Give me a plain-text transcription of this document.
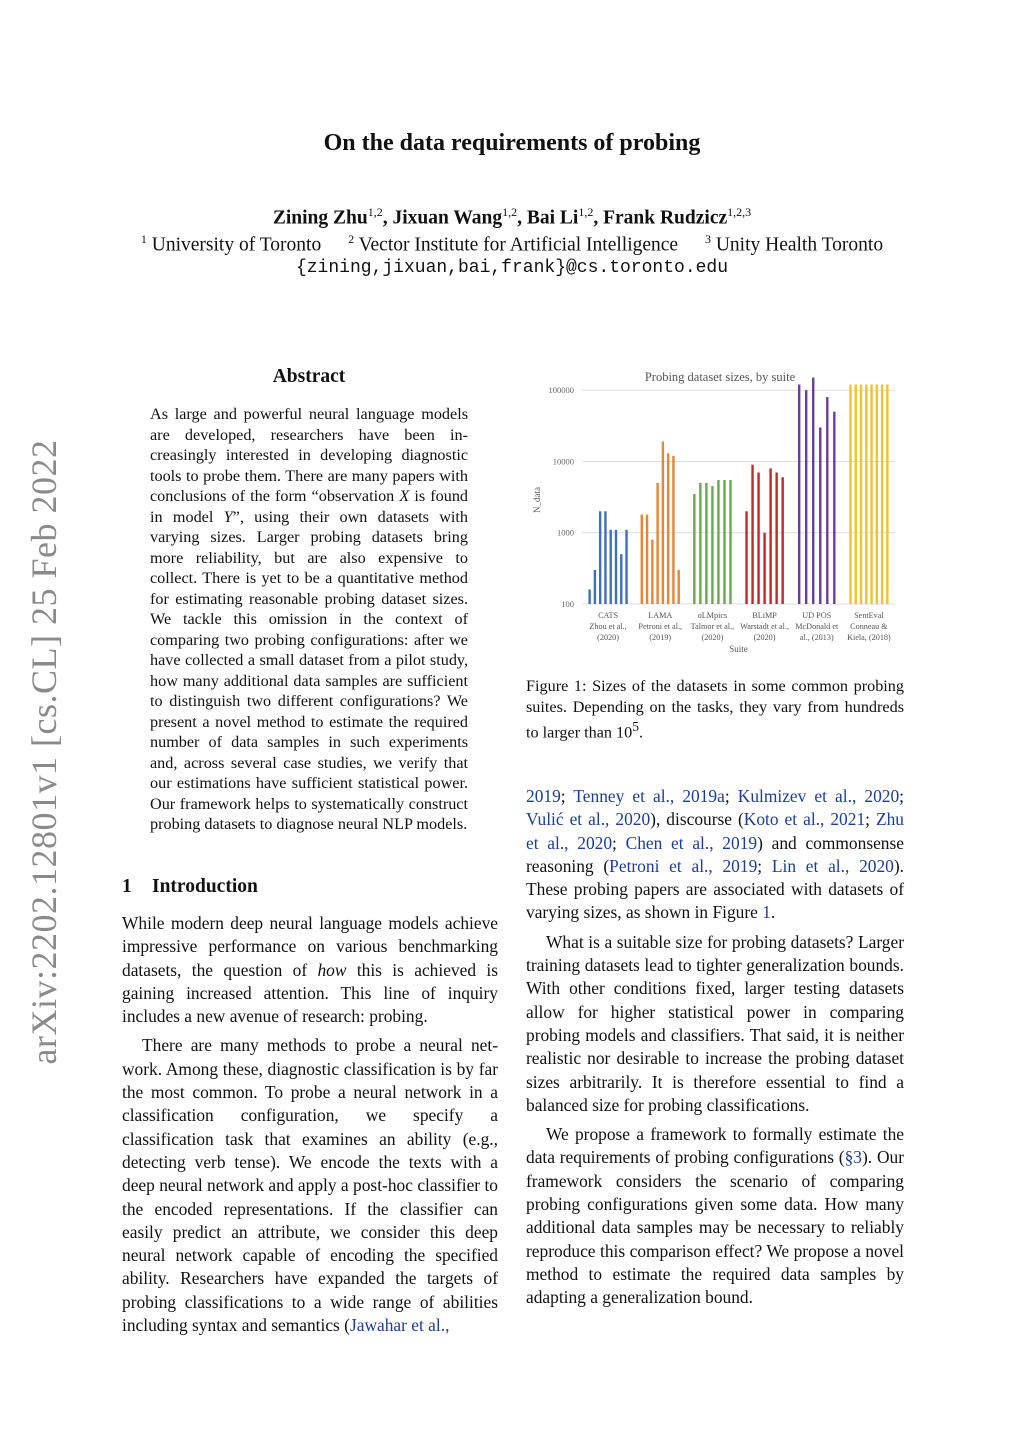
arXiv:2202.12801v1 [cs.CL] 25 Feb 2022
On the data requirements of probing
Zining Zhu$^{1,2}$, Jixuan Wang$^{1,2}$, Bai Li$^{1,2}$, Frank Rudzicz$^{1,2,3}$
$^1$ University of Toronto $^2$ Vector Institute for Artificial Intelligence $^3$ Unity Health Toronto
{zining,jixuan,bai,frank}@cs.toronto.edu
Abstract
As large and powerful neural language models are developed, researchers have been increasingly interested in developing diagnostic tools to probe them. There are many papers with conclusions of the form “observation X is found in model Y”, using their own datasets with varying sizes. Larger probing datasets bring more reliability, but are also expensive to collect. There is yet to be a quantitative method for estimating reasonable probing dataset sizes. We tackle this omission in the context of comparing two probing configurations: after we have collected a small dataset from a pilot study, how many additional data samples are sufficient to distinguish two different configurations? We present a novel method to estimate the required number of data samples in such experiments and, across several case studies, we verify that our estimations have sufficient statistical power. Our framework helps to systematically construct probing datasets to diagnose neural NLP models.
1 Introduction

While modern deep neural language models achieve impressive performance on various benchmarking datasets, the question of how this is achieved is gaining increased attention. This line of inquiry includes a new avenue of research: probing.

There are many methods to probe a neural network. Among these, diagnostic classification is by far the most common. To probe a neural network in a classification configuration, we specify a classification task that examines an ability (e.g., detecting verb tense). We encode the texts with a deep neural network and apply a post-hoc classifier to the encoded representations. If the classifier can easily predict an attribute, we consider this deep neural network capable of encoding the specified ability. Researchers have expanded the targets of probing classifications to a wide range of abilities including syntax and semantics (Jawahar et al.,

Probing dataset sizes, by suite
100
1000
10000
100000
N_data
CATS
Zhou et al.,
(2020)
LAMA
Petroni et al.,
(2019)
oLMpics
Talmor et al.,
(2020)
BLiMP
Warstadt et al.,
(2020)
UD POS
McDonald et
al., (2013)
SentEval
Conneau &
Kiela, (2018)
Suite
Figure 1: Sizes of the datasets in some common probing suites. Depending on the tasks, they vary from hundreds to larger than $10^5$.

2019; Tenney et al., 2019a; Kulmizev et al., 2020; Vulić et al., 2020), discourse (Koto et al., 2021; Zhu et al., 2020; Chen et al., 2019) and commonsense reasoning (Petroni et al., 2019; Lin et al., 2020). These probing papers are associated with datasets of varying sizes, as shown in Figure 1.

What is a suitable size for probing datasets? Larger training datasets lead to tighter generalization bounds. With other conditions fixed, larger testing datasets allow for higher statistical power in comparing probing models and classifiers. That said, it is neither realistic nor desirable to increase the probing dataset sizes arbitrarily. It is therefore essential to find a balanced size for probing classifications.

We propose a framework to formally estimate the data requirements of probing configurations (§3). Our framework considers the scenario of comparing probing configurations given some data. How many additional data samples may be necessary to reliably reproduce this comparison effect? We propose a novel method to estimate the required data samples by adapting a generalization bound.
